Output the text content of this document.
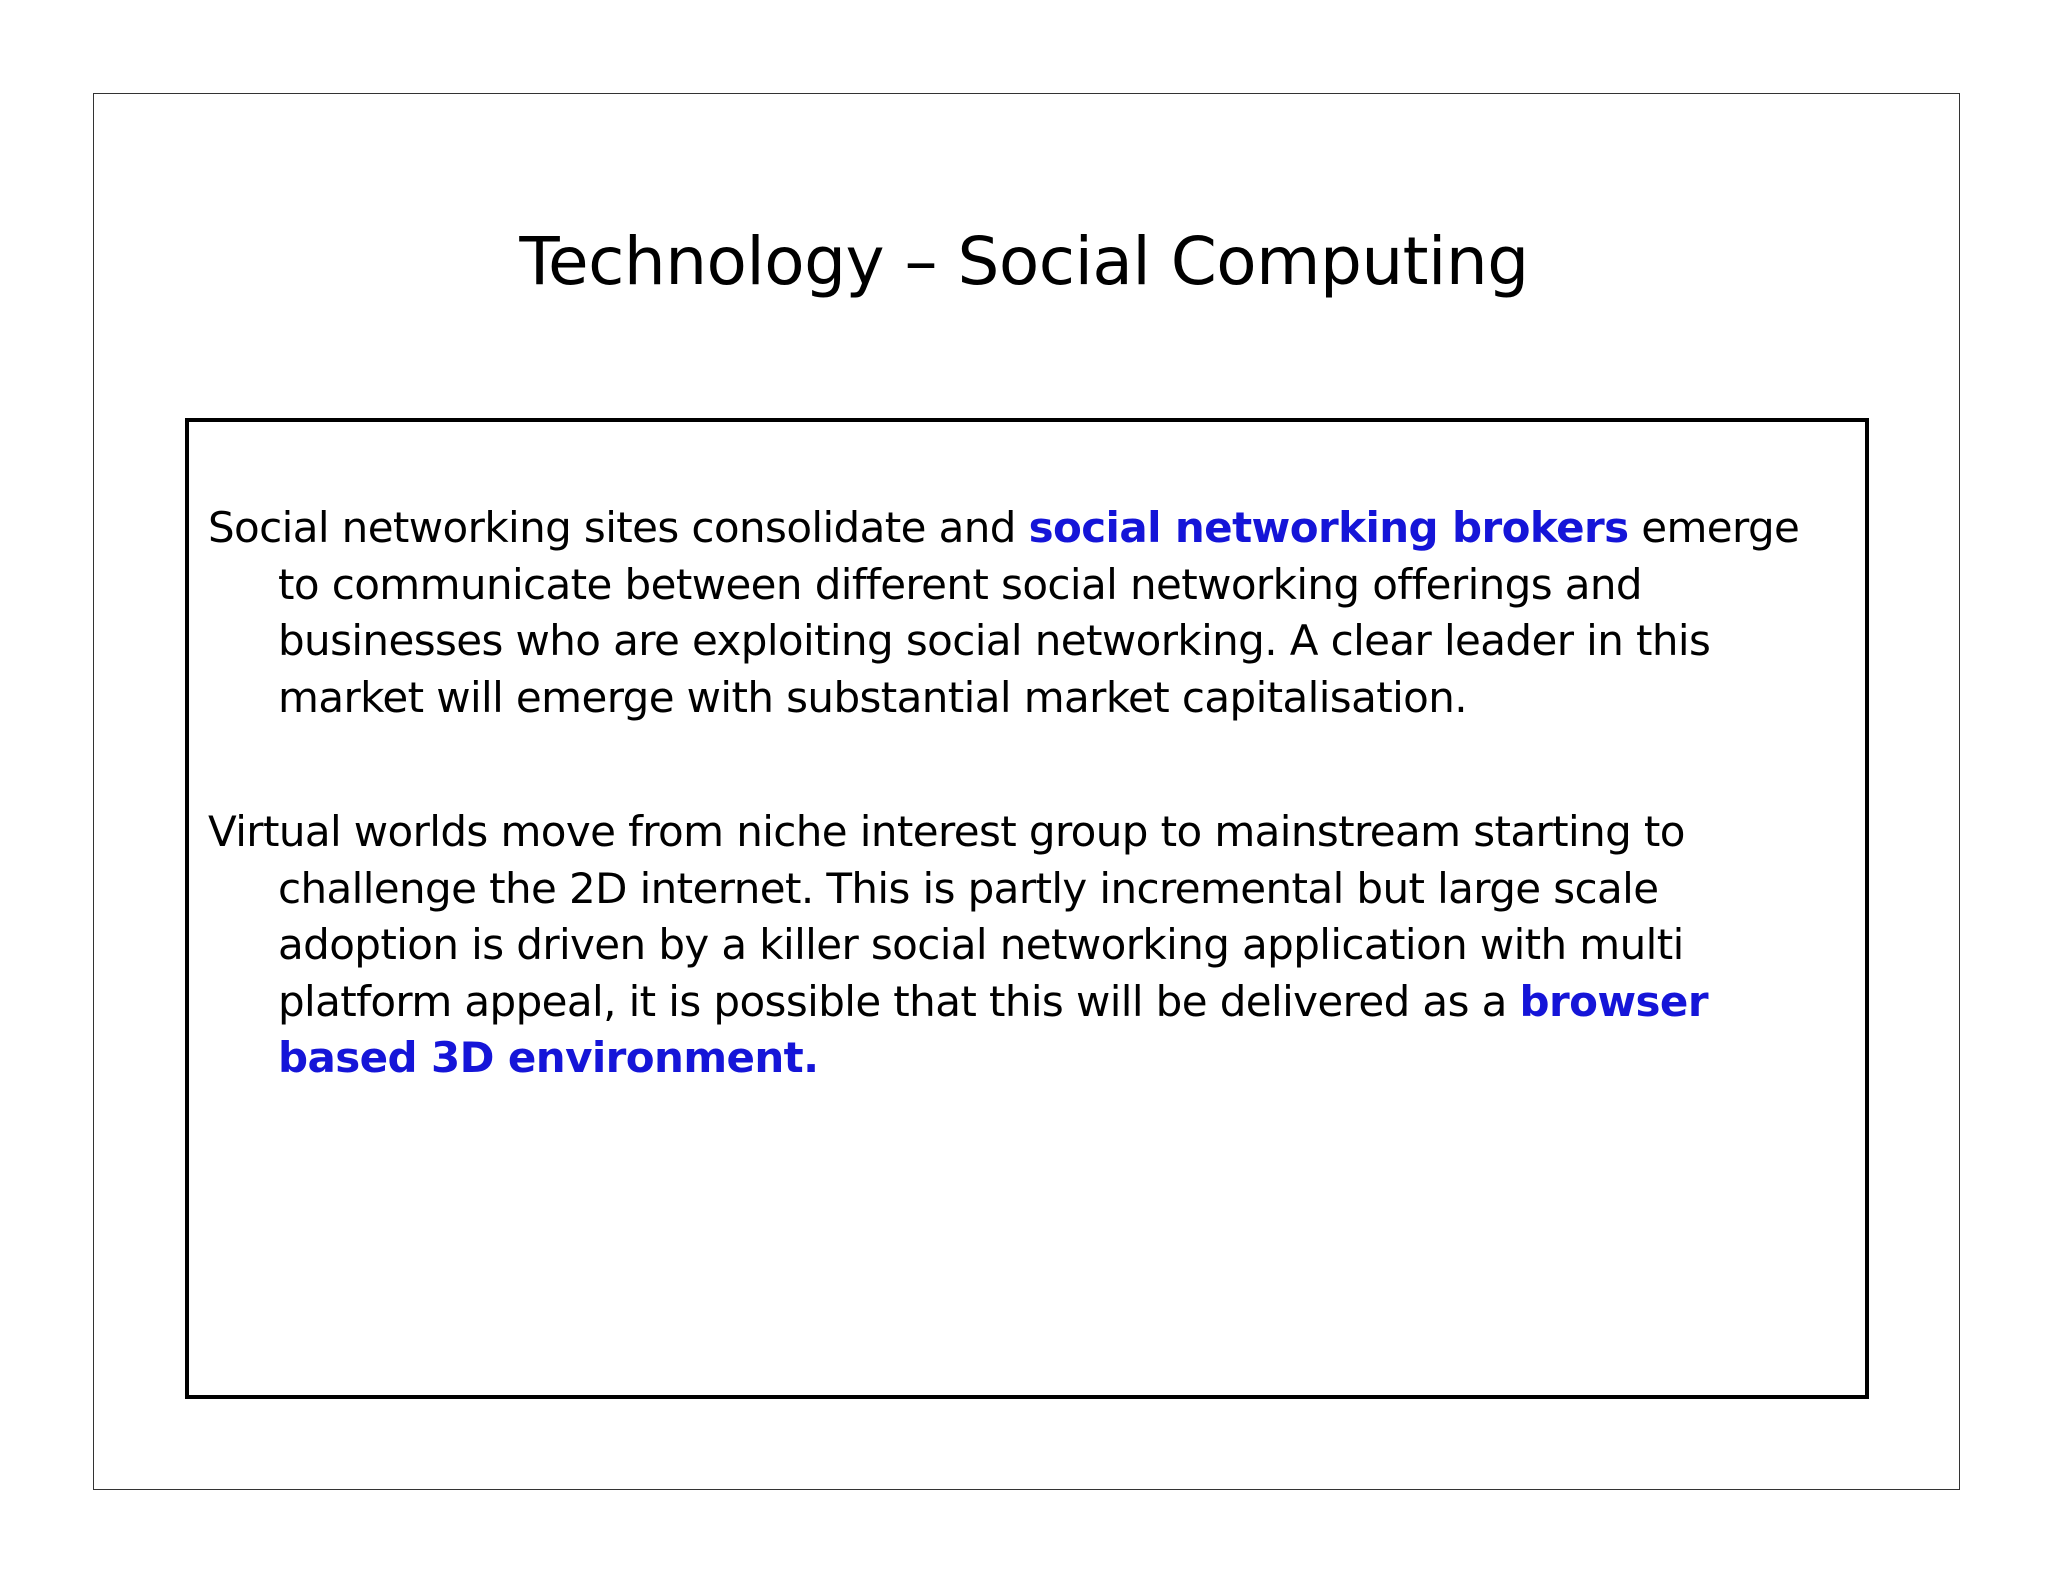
Technology – Social Computing

Social networking sites consolidate and social networking brokers emerge to communicate between different social networking offerings and businesses who are exploiting social networking. A clear leader in this market will emerge with substantial market capitalisation.

Virtual worlds move from niche interest group to mainstream starting to challenge the 2D internet. This is partly incremental but large scale adoption is driven by a killer social networking application with multi platform appeal, it is possible that this will be delivered as a browser based 3D environment.
